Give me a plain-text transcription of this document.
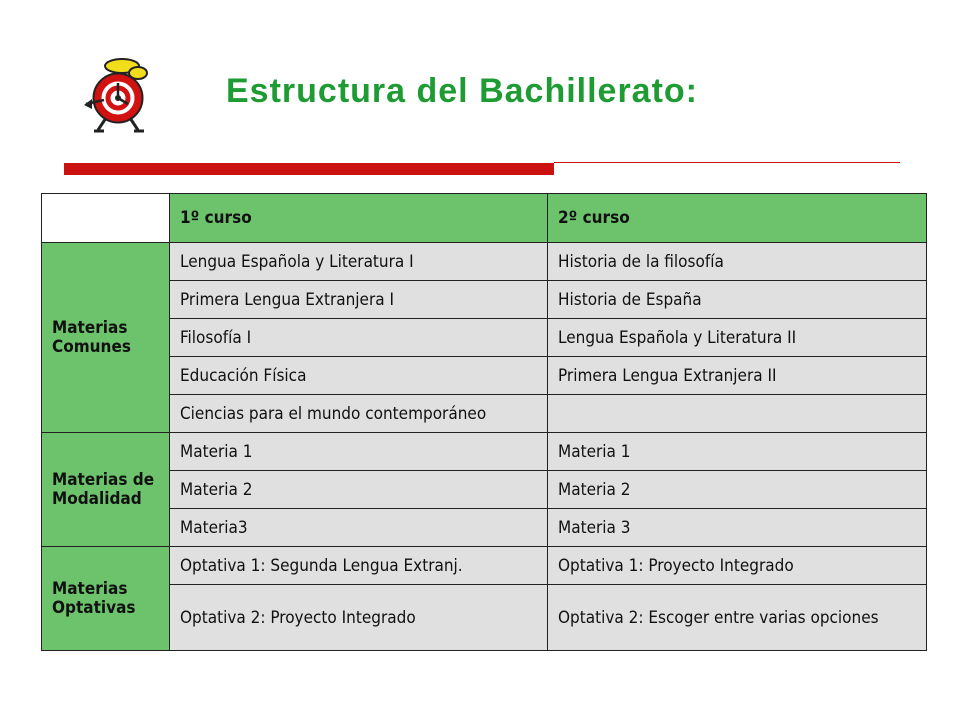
Estructura del Bachillerato:
	1º curso	2º curso
Materias Comunes	Lengua Española y Literatura I	Historia de la filosofía
	Primera Lengua Extranjera I	Historia de España
	Filosofía I	Lengua Española y Literatura II
	Educación Física	Primera Lengua Extranjera II
	Ciencias para el mundo contemporáneo	
Materias de Modalidad	Materia 1	Materia 1
	Materia 2	Materia 2
	Materia3	Materia 3
Materias Optativas	Optativa 1: Segunda Lengua Extranj.	Optativa 1: Proyecto Integrado
	Optativa 2: Proyecto Integrado	Optativa 2: Escoger entre varias opciones
